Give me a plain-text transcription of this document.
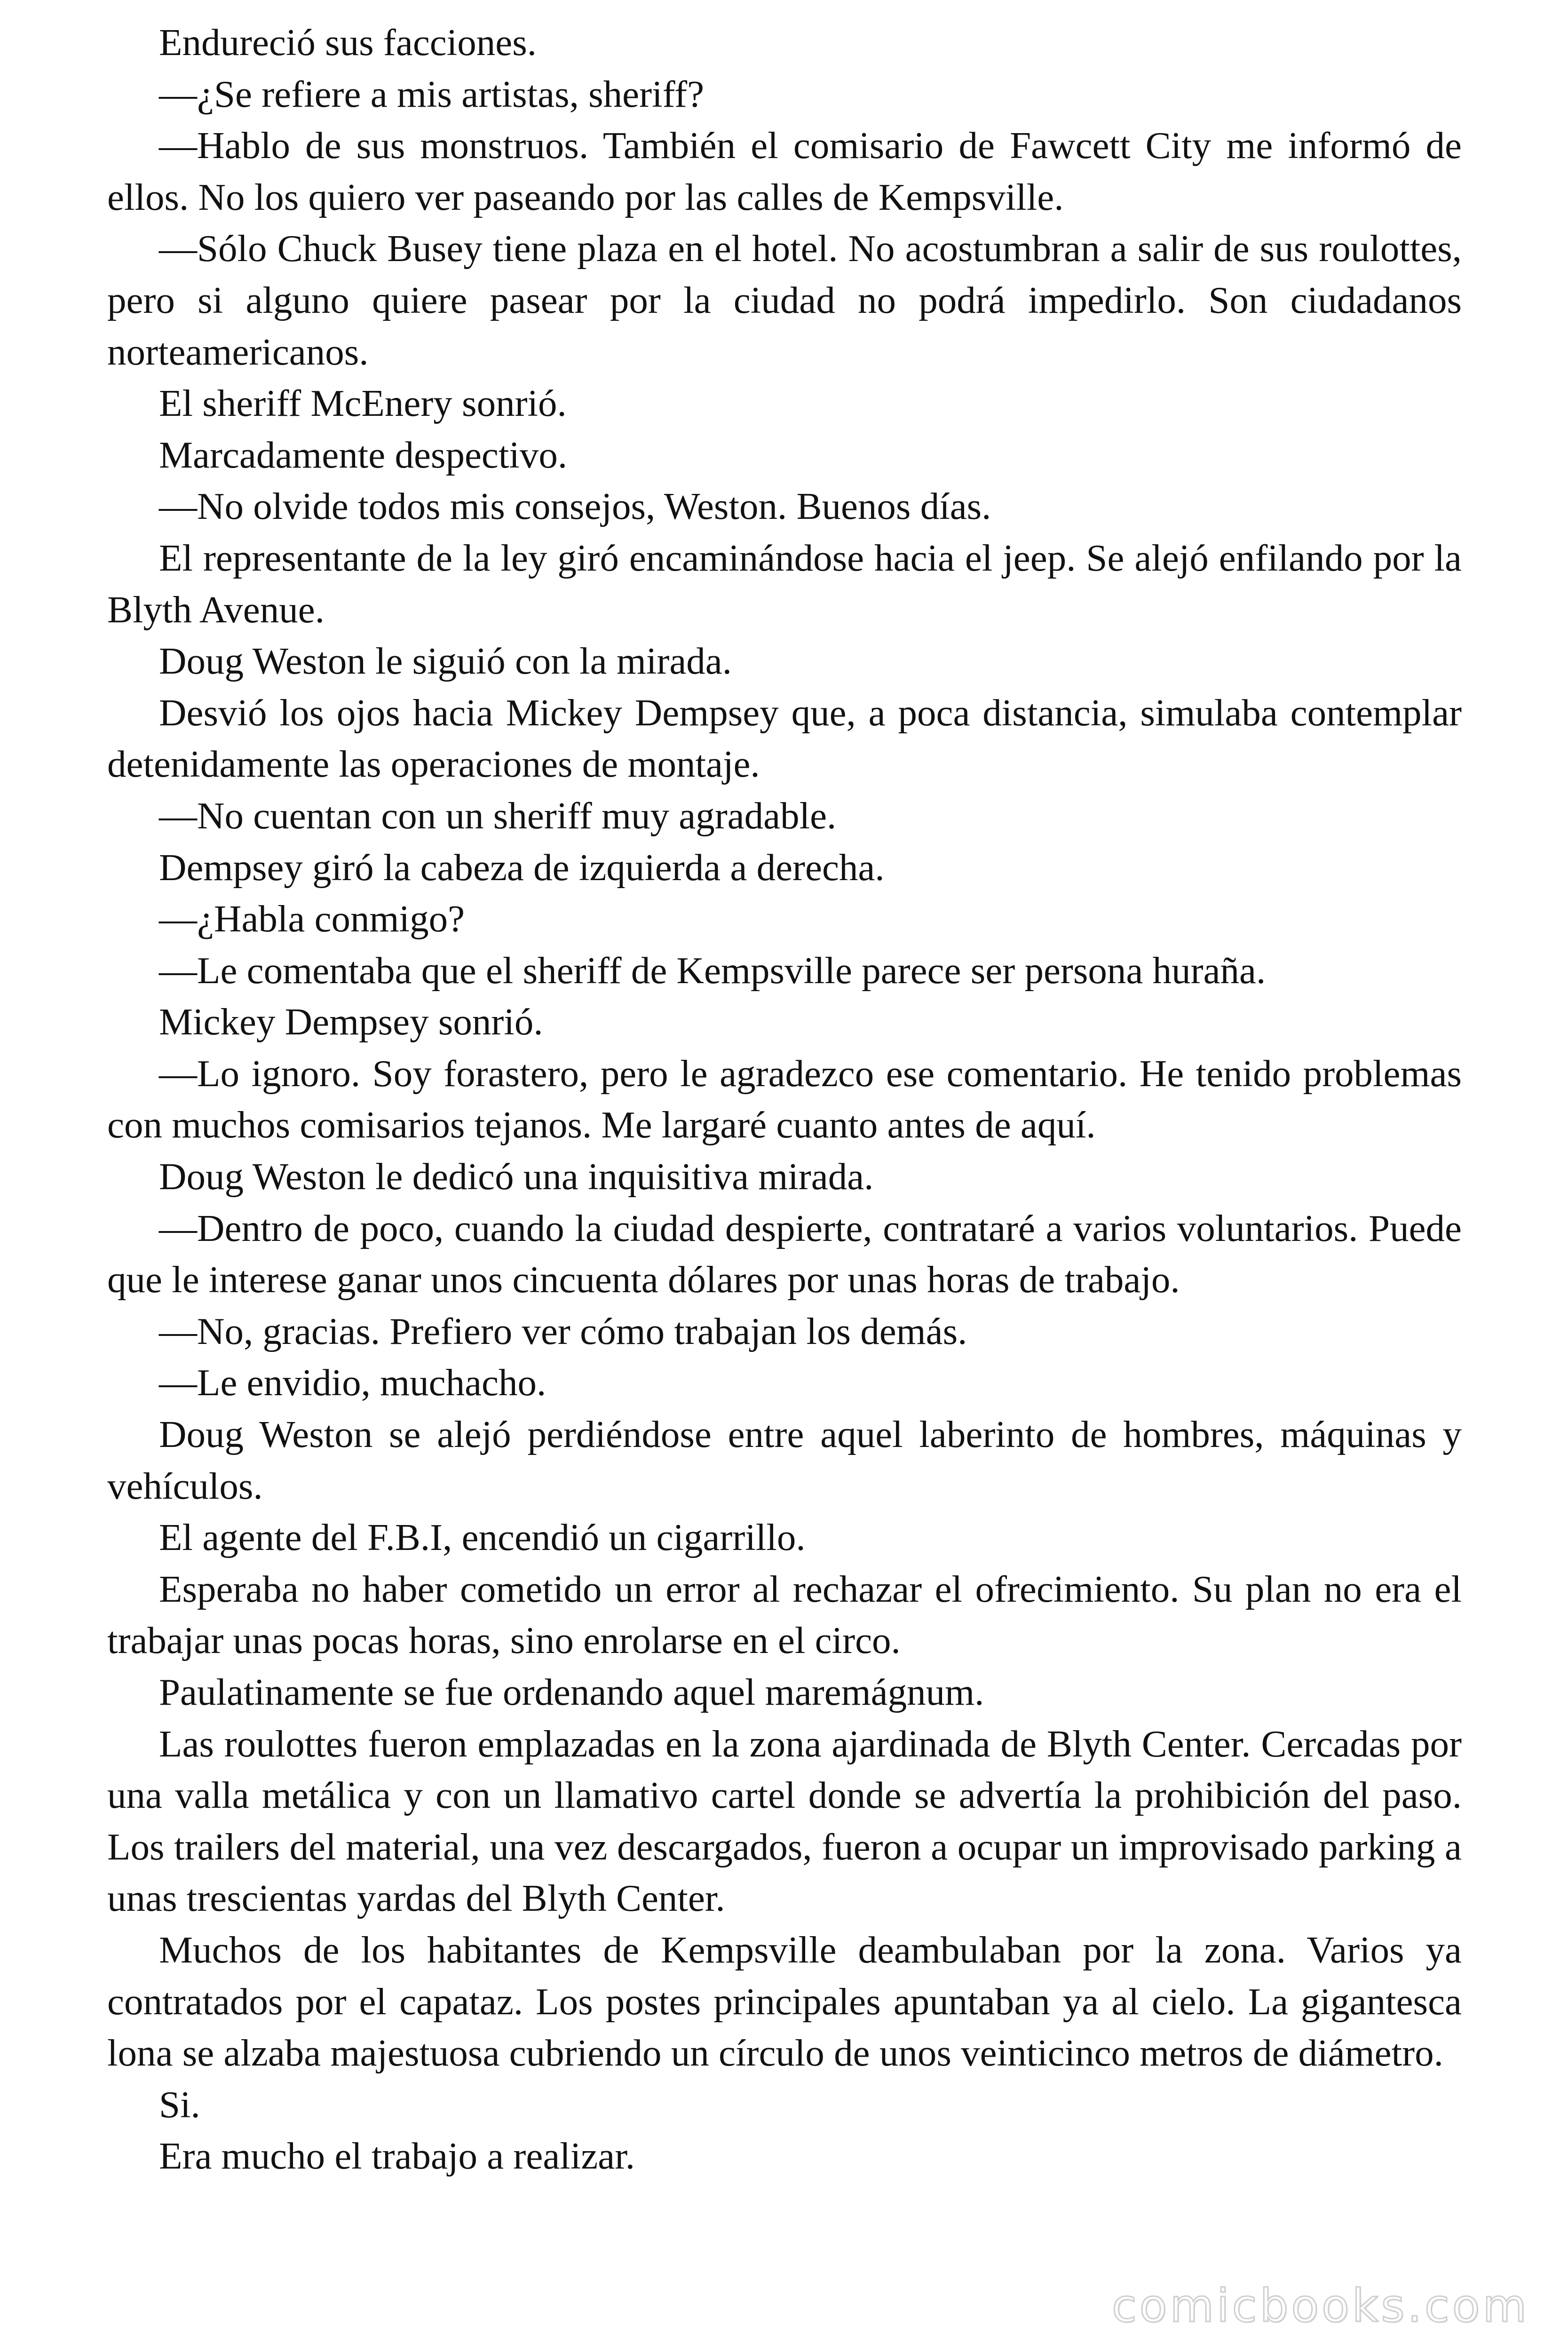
Endureció sus facciones.

—¿Se refiere a mis artistas, sheriff?

—Hablo de sus monstruos. También el comisario de Fawcett City me informó de ellos. No los quiero ver paseando por las calles de Kempsville.

—Sólo Chuck Busey tiene plaza en el hotel. No acostumbran a salir de sus roulottes, pero si alguno quiere pasear por la ciudad no podrá impedirlo. Son ciudadanos norteamericanos.

El sheriff McEnery sonrió.

Marcadamente despectivo.

—No olvide todos mis consejos, Weston. Buenos días.

El representante de la ley giró encaminándose hacia el jeep. Se alejó enfilando por la Blyth Avenue.

Doug Weston le siguió con la mirada.

Desvió los ojos hacia Mickey Dempsey que, a poca distancia, simulaba contemplar detenidamente las operaciones de montaje.

—No cuentan con un sheriff muy agradable.

Dempsey giró la cabeza de izquierda a derecha.

—¿Habla conmigo?

—Le comentaba que el sheriff de Kempsville parece ser persona huraña.

Mickey Dempsey sonrió.

—Lo ignoro. Soy forastero, pero le agradezco ese comentario. He tenido problemas con muchos comisarios tejanos. Me largaré cuanto antes de aquí.

Doug Weston le dedicó una inquisitiva mirada.

—Dentro de poco, cuando la ciudad despierte, contrataré a varios voluntarios. Puede que le interese ganar unos cincuenta dólares por unas horas de trabajo.

—No, gracias. Prefiero ver cómo trabajan los demás.

—Le envidio, muchacho.

Doug Weston se alejó perdiéndose entre aquel laberinto de hombres, máquinas y vehículos.

El agente del F.B.I, encendió un cigarrillo.

Esperaba no haber cometido un error al rechazar el ofrecimiento. Su plan no era el trabajar unas pocas horas, sino enrolarse en el circo.

Paulatinamente se fue ordenando aquel maremágnum.

Las roulottes fueron emplazadas en la zona ajardinada de Blyth Center. Cercadas por una valla metálica y con un llamativo cartel donde se advertía la prohibición del paso. Los trailers del material, una vez descargados, fueron a ocupar un improvisado parking a unas trescientas yardas del Blyth Center.

Muchos de los habitantes de Kempsville deambulaban por la zona. Varios ya contratados por el capataz. Los postes principales apuntaban ya al cielo. La gigantesca lona se alzaba majestuosa cubriendo un círculo de unos veinticinco metros de diámetro.

Si.

Era mucho el trabajo a realizar.

comicbooks.com
